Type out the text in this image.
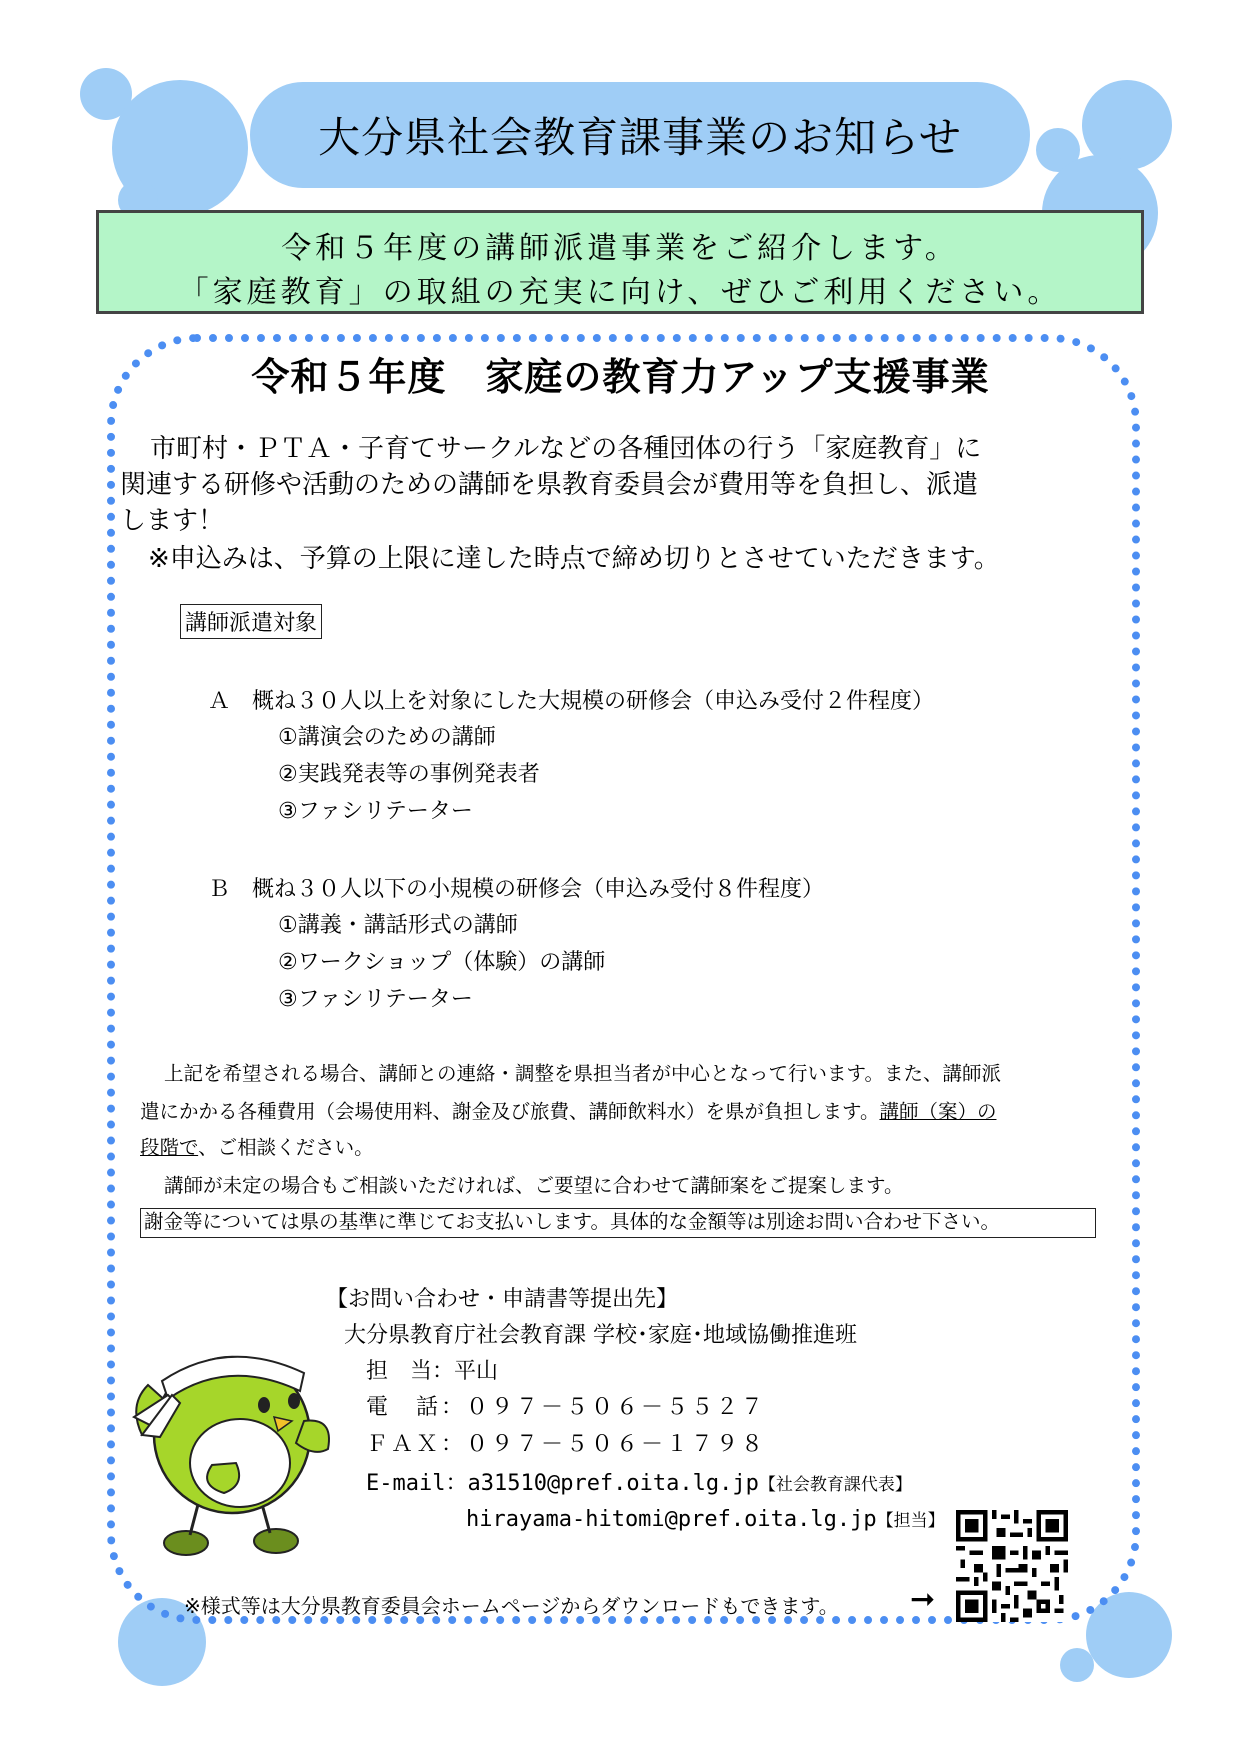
大分県社会教育課事業のお知らせ
令和５年度の講師派遣事業をご紹介します。
「家庭教育」の取組の充実に向け、ぜひご利用ください。
令和５年度　家庭の教育力アップ支援事業
市町村・ＰＴＡ・子育てサークルなどの各種団体の行う「家庭教育」に
関連する研修や活動のための講師を県教育委員会が費用等を負担し、派遣
します！
※申込みは、予算の上限に達した時点で締め切りとさせていただきます。
講師派遣対象
Ａ　概ね３０人以上を対象にした大規模の研修会（申込み受付２件程度）
①講演会のための講師
②実践発表等の事例発表者
③ファシリテーター
Ｂ　概ね３０人以下の小規模の研修会（申込み受付８件程度）
①講義・講話形式の講師
②ワークショップ（体験）の講師
③ファシリテーター
上記を希望される場合、講師との連絡・調整を県担当者が中心となって行います。また、講師派
遣にかかる各種費用（会場使用料、謝金及び旅費、講師飲料水）を県が負担します。講師（案）の
段階で、ご相談ください。
講師が未定の場合もご相談いただければ、ご要望に合わせて講師案をご提案します。
謝金等については県の基準に準じてお支払いします。具体的な金額等は別途お問い合わせ下さい。
【お問い合わせ・申請書等提出先】
大分県教育庁社会教育課 学校･家庭･地域協働推進班
担　当：平山
電　話：０９７－５０６－５５２７
ＦＡＸ：０９７－５０６－１７９８
E-mail：a31510@pref.oita.lg.jp【社会教育課代表】
hirayama-hitomi@pref.oita.lg.jp【担当】
※様式等は大分県教育委員会ホームページからダウンロードもできます。 ➞
